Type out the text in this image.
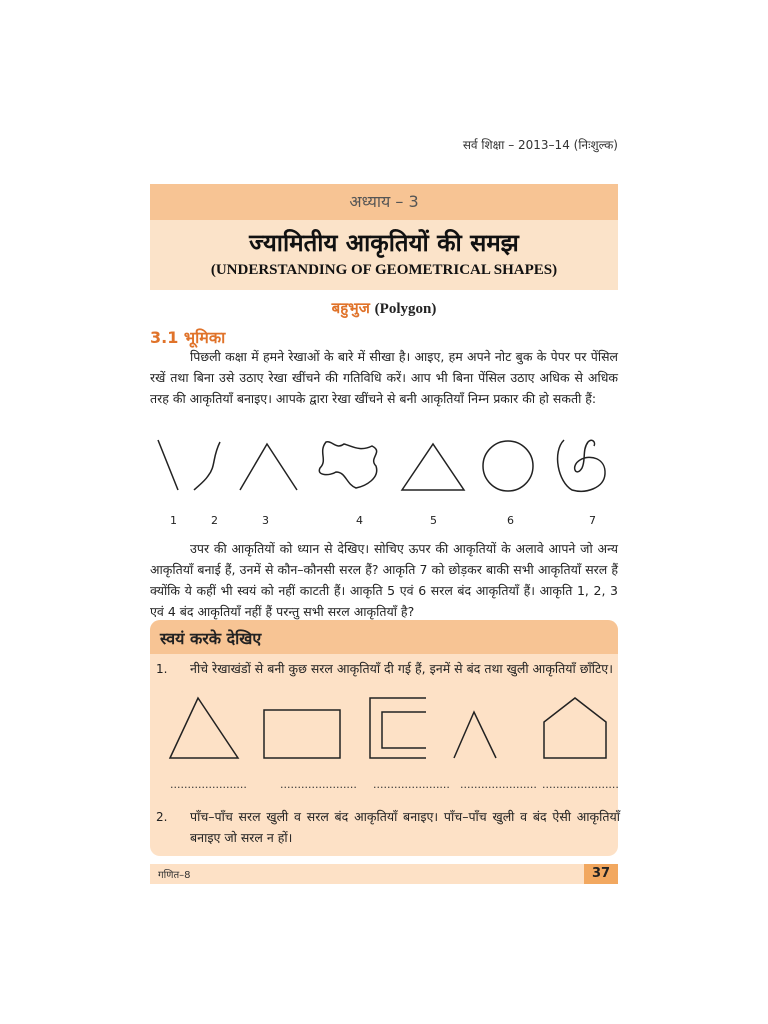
सर्व शिक्षा – 2013–14 (निःशुल्क)
अध्याय – 3
ज्यामितीय आकृतियों की समझ
(UNDERSTANDING OF GEOMETRICAL SHAPES)
बहुभुज (Polygon)
3.1 भूमिका
पिछली कक्षा में हमने रेखाओं के बारे में सीखा है। आइए, हम अपने नोट बुक के पेपर पर पेंसिल रखें तथा बिना उसे उठाए रेखा खींचने की गतिविधि करें। आप भी बिना पेंसिल उठाए अधिक से अधिक तरह की आकृतियाँ बनाइए। आपके द्वारा रेखा खींचने से बनी आकृतियाँ निम्न प्रकार की हो सकती हैं:
1	2	3	4	5	6	7
उपर की आकृतियों को ध्यान से देखिए। सोचिए ऊपर की आकृतियों के अलावे आपने जो अन्य आकृतियाँ बनाई हैं, उनमें से कौन–कौनसी सरल हैं? आकृति 7 को छोड़कर बाकी सभी आकृतियाँ सरल हैं क्योंकि ये कहीं भी स्वयं को नहीं काटती हैं। आकृति 5 एवं 6 सरल बंद आकृतियाँ हैं। आकृति 1, 2, 3 एवं 4 बंद आकृतियाँ नहीं हैं परन्तु सभी सरल आकृतियाँ है?
स्वयं करके देखिए
1. नीचे रेखाखंडों से बनी कुछ सरल आकृतियाँ दी गई हैं, इनमें से बंद तथा खुली आकृतियाँ छाँटिए।
......................	...................... ...................... ...................... ......................
2. पाँच–पाँच सरल खुली व सरल बंद आकृतियाँ बनाइए। पाँच–पाँच खुली व बंद ऐसी आकृतियाँ बनाइए जो सरल न हों।
गणित–8	37
